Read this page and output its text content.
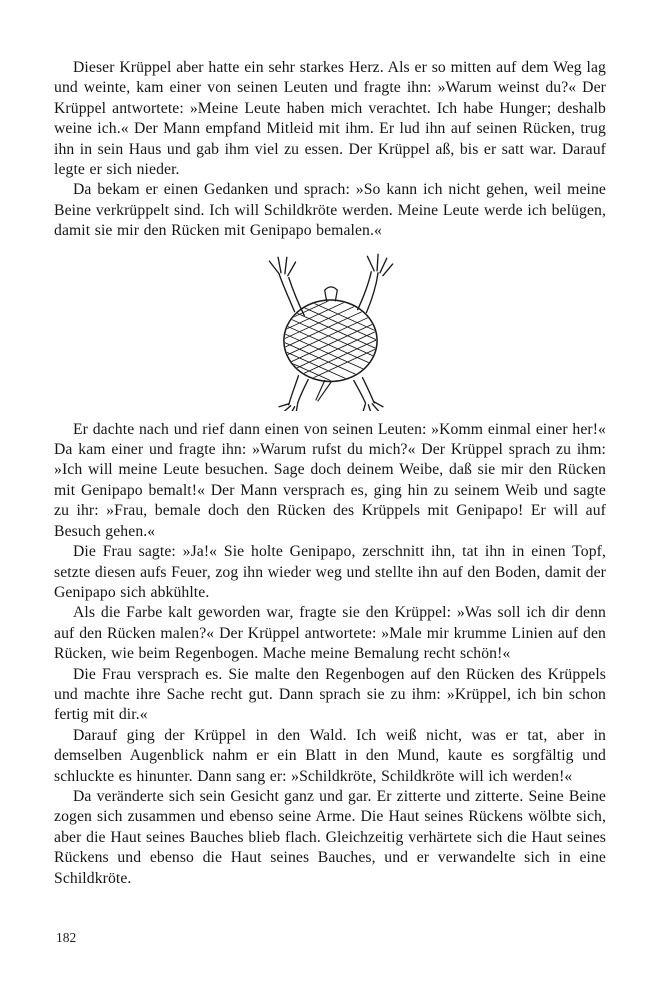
Dieser Krüppel aber hatte ein sehr starkes Herz. Als er so mitten auf dem Weg lag und weinte, kam einer von seinen Leuten und fragte ihn: »Warum weinst du?« Der Krüppel antwortete: »Meine Leute haben mich verachtet. Ich habe Hunger; deshalb weine ich.« Der Mann empfand Mitleid mit ihm. Er lud ihn auf seinen Rücken, trug ihn in sein Haus und gab ihm viel zu essen. Der Krüppel aß, bis er satt war. Darauf legte er sich nieder.

Da bekam er einen Gedanken und sprach: »So kann ich nicht gehen, weil meine Beine verkrüppelt sind. Ich will Schildkröte werden. Meine Leute werde ich belügen, damit sie mir den Rücken mit Genipapo bemalen.«

Er dachte nach und rief dann einen von seinen Leuten: »Komm einmal einer her!« Da kam einer und fragte ihn: »Warum rufst du mich?« Der Krüppel sprach zu ihm: »Ich will meine Leute besuchen. Sage doch deinem Weibe, daß sie mir den Rücken mit Genipapo bemalt!« Der Mann versprach es, ging hin zu seinem Weib und sagte zu ihr: »Frau, bemale doch den Rücken des Krüppels mit Genipapo! Er will auf Besuch gehen.«

Die Frau sagte: »Ja!« Sie holte Genipapo, zerschnitt ihn, tat ihn in einen Topf, setzte diesen aufs Feuer, zog ihn wieder weg und stellte ihn auf den Boden, damit der Genipapo sich abkühlte.

Als die Farbe kalt geworden war, fragte sie den Krüppel: »Was soll ich dir denn auf den Rücken malen?« Der Krüppel antwortete: »Male mir krumme Linien auf den Rücken, wie beim Regenbogen. Mache meine Bemalung recht schön!«

Die Frau versprach es. Sie malte den Regenbogen auf den Rücken des Krüppels und machte ihre Sache recht gut. Dann sprach sie zu ihm: »Krüppel, ich bin schon fertig mit dir.«

Darauf ging der Krüppel in den Wald. Ich weiß nicht, was er tat, aber in demselben Augenblick nahm er ein Blatt in den Mund, kaute es sorgfältig und schluckte es hinunter. Dann sang er: »Schildkröte, Schildkröte will ich werden!«

Da veränderte sich sein Gesicht ganz und gar. Er zitterte und zitterte. Seine Beine zogen sich zusammen und ebenso seine Arme. Die Haut seines Rückens wölbte sich, aber die Haut seines Bauches blieb flach. Gleichzeitig verhärtete sich die Haut seines Rückens und ebenso die Haut seines Bauches, und er verwandelte sich in eine Schildkröte.

182
